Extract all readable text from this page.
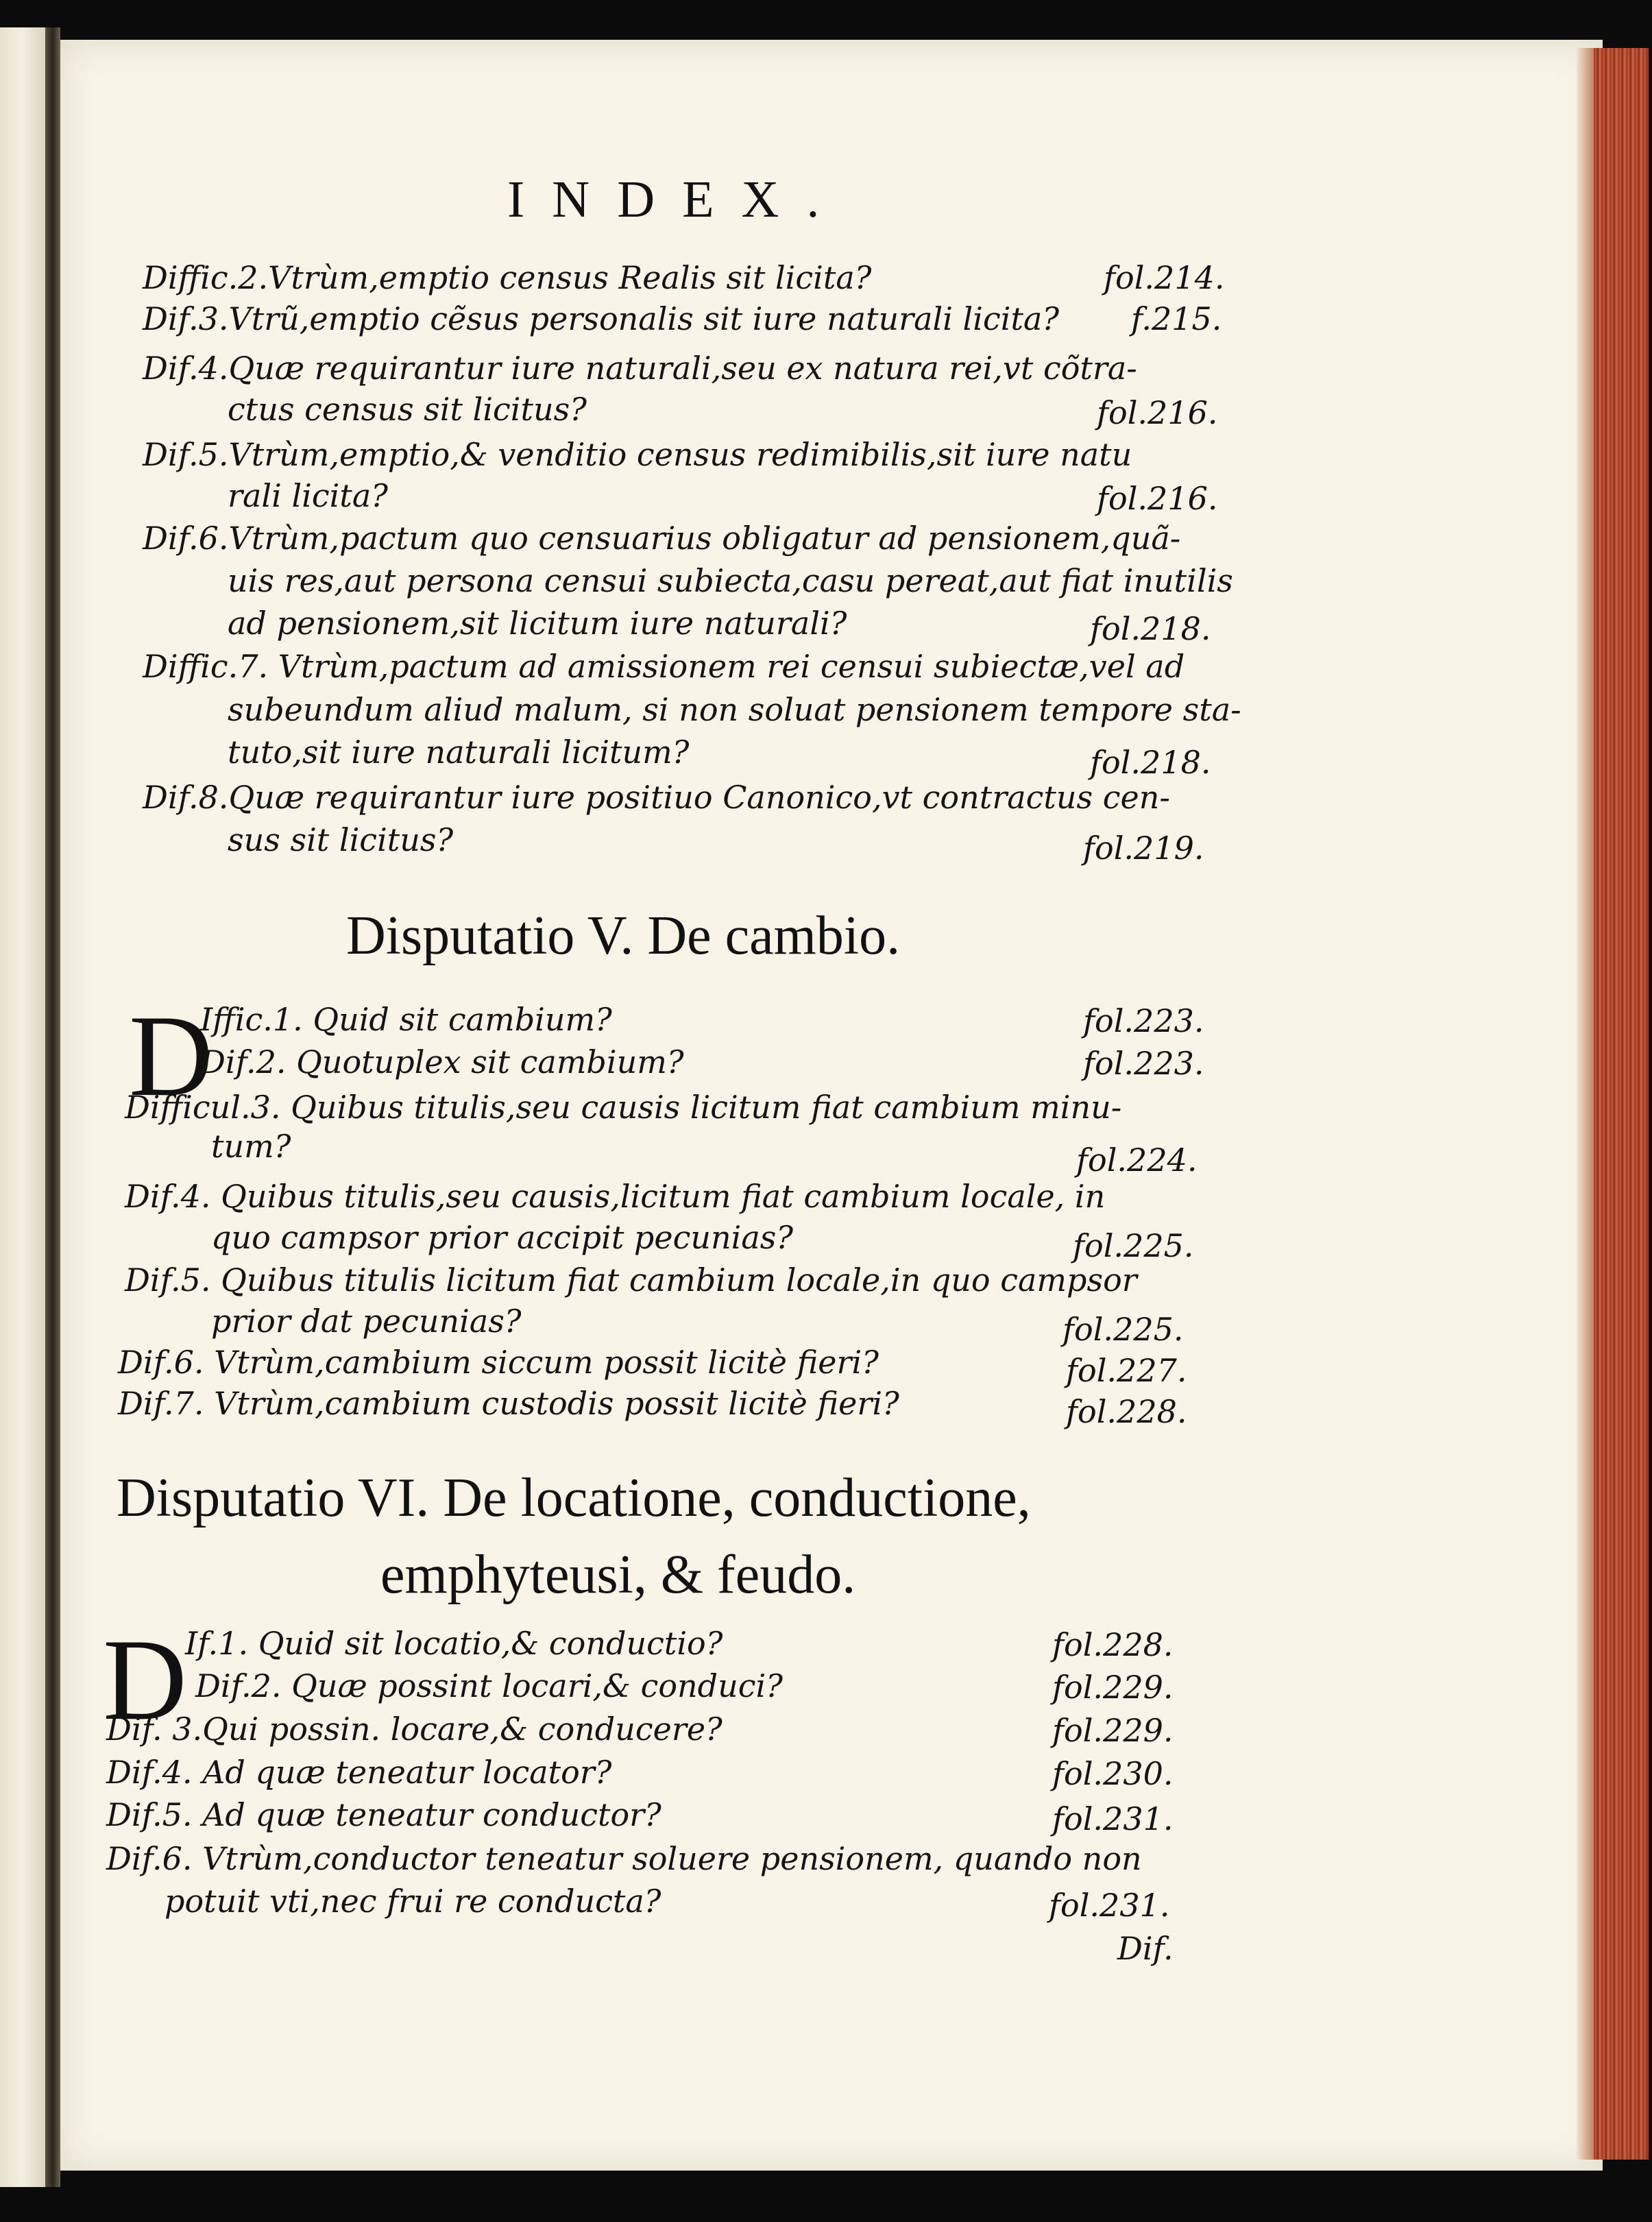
INDEX.
Diffic.2.Vtrùm,emptio census Realis sit licita?	fol.214.
Dif.3.Vtrũ,emptio cẽsus personalis sit iure naturali licita? f.215.
Dif.4.Quæ requirantur iure naturali,seu ex natura rei,vt cõtra-
ctus census sit licitus?	fol.216.
Dif.5.Vtrùm,emptio,& venditio census redimibilis,sit iure natu
rali licita?	fol.216.
Dif.6.Vtrùm,pactum quo censuarius obligatur ad pensionem,quã-
uis res,aut persona censui subiecta,casu pereat,aut fiat inutilis
ad pensionem,sit licitum iure naturali?	fol.218.
Diffic.7. Vtrùm,pactum ad amissionem rei censui subiectæ,vel ad
subeundum aliud malum, si non soluat pensionem tempore sta-
tuto,sit iure naturali licitum?	fol.218.
Dif.8.Quæ requirantur iure positiuo Canonico,vt contractus cen-
sus sit licitus?	fol.219.
Disputatio V. De cambio.
D
Iffic.1. Quid sit cambium?	fol.223.
Dif.2. Quotuplex sit cambium?	fol.223.
Difficul.3. Quibus titulis,seu causis licitum fiat cambium minu-
tum?	fol.224.
Dif.4. Quibus titulis,seu causis,licitum fiat cambium locale, in
quo campsor prior accipit pecunias?	fol.225.
Dif.5. Quibus titulis licitum fiat cambium locale,in quo campsor
prior dat pecunias?	fol.225.
Dif.6. Vtrùm,cambium siccum possit licitè fieri?	fol.227.
Dif.7. Vtrùm,cambium custodis possit licitè fieri?	fol.228.
Disputatio VI. De locatione, conductione,
emphyteusi, & feudo.
D
If.1. Quid sit locatio,& conductio?	fol.228.
Dif.2. Quæ possint locari,& conduci?	fol.229.
Dif. 3.Qui possin. locare,& conducere?	fol.229.
Dif.4. Ad quæ teneatur locator?	fol.230.
Dif.5. Ad quæ teneatur conductor?	fol.231.
Dif.6. Vtrùm,conductor teneatur soluere pensionem, quando non
potuit vti,nec frui re conducta?	fol.231.
Dif.
